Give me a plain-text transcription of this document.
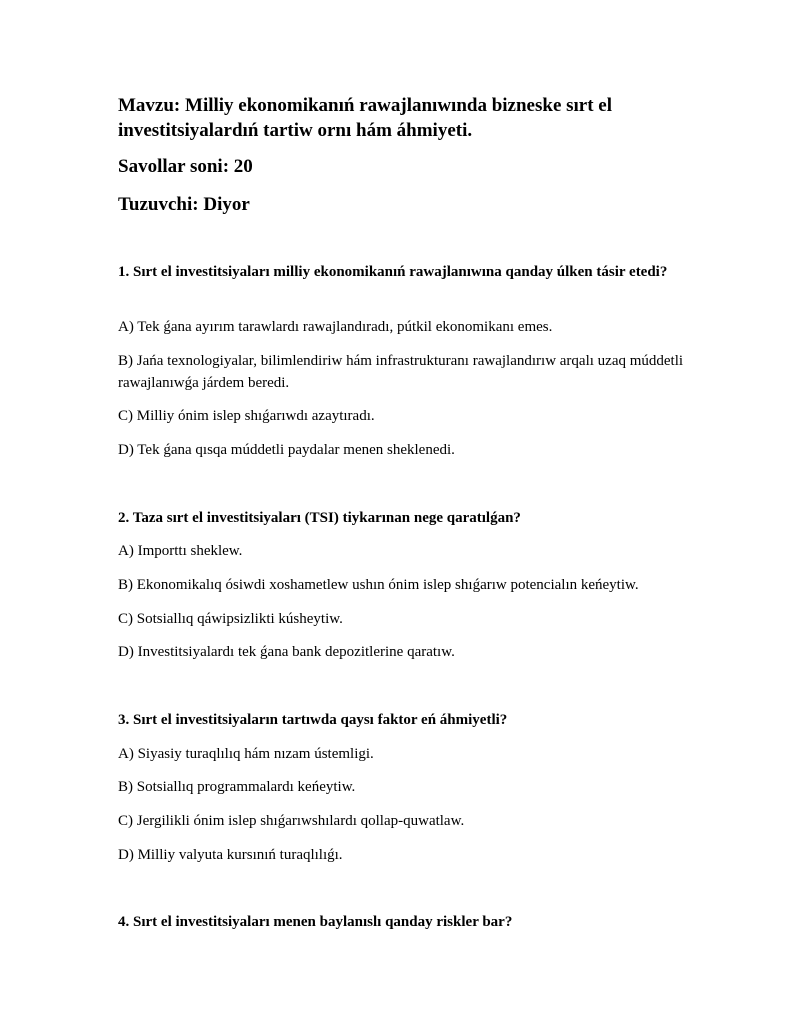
Mavzu: Milliy ekonomikanıń rawajlanıwında bizneske sırt el investitsiyalardıń tartiw ornı hám áhmiyeti.

Savollar soni: 20

Tuzuvchi: Diyor

1. Sırt el investitsiyaları milliy ekonomikanıń rawajlanıwına qanday úlken tásir etedi?

A) Tek ǵana ayırım tarawlardı rawajlandıradı, pútkil ekonomikanı emes.

B) Jańa texnologiyalar, bilimlendiriw hám infrastrukturanı rawajlandırıw arqalı uzaq múddetli rawajlanıwǵa járdem beredi.

C) Milliy ónim islep shıǵarıwdı azaytıradı.

D) Tek ǵana qısqa múddetli paydalar menen sheklenedi.

2. Taza sırt el investitsiyaları (TSI) tiykarınan nege qaratılǵan?

A) Importtı sheklew.

B) Ekonomikalıq ósiwdi xoshametlew ushın ónim islep shıǵarıw potencialın keńeytiw.

C) Sotsiallıq qáwipsizlikti kúsheytiw.

D) Investitsiyalardı tek ǵana bank depozitlerine qaratıw.

3. Sırt el investitsiyaların tartıwda qaysı faktor eń áhmiyetli?

A) Siyasiy turaqlılıq hám nızam ústemligi.

B) Sotsiallıq programmalardı keńeytiw.

C) Jergilikli ónim islep shıǵarıwshılardı qollap-quwatlaw.

D) Milliy valyuta kursınıń turaqlılıǵı.

4. Sırt el investitsiyaları menen baylanıslı qanday riskler bar?
